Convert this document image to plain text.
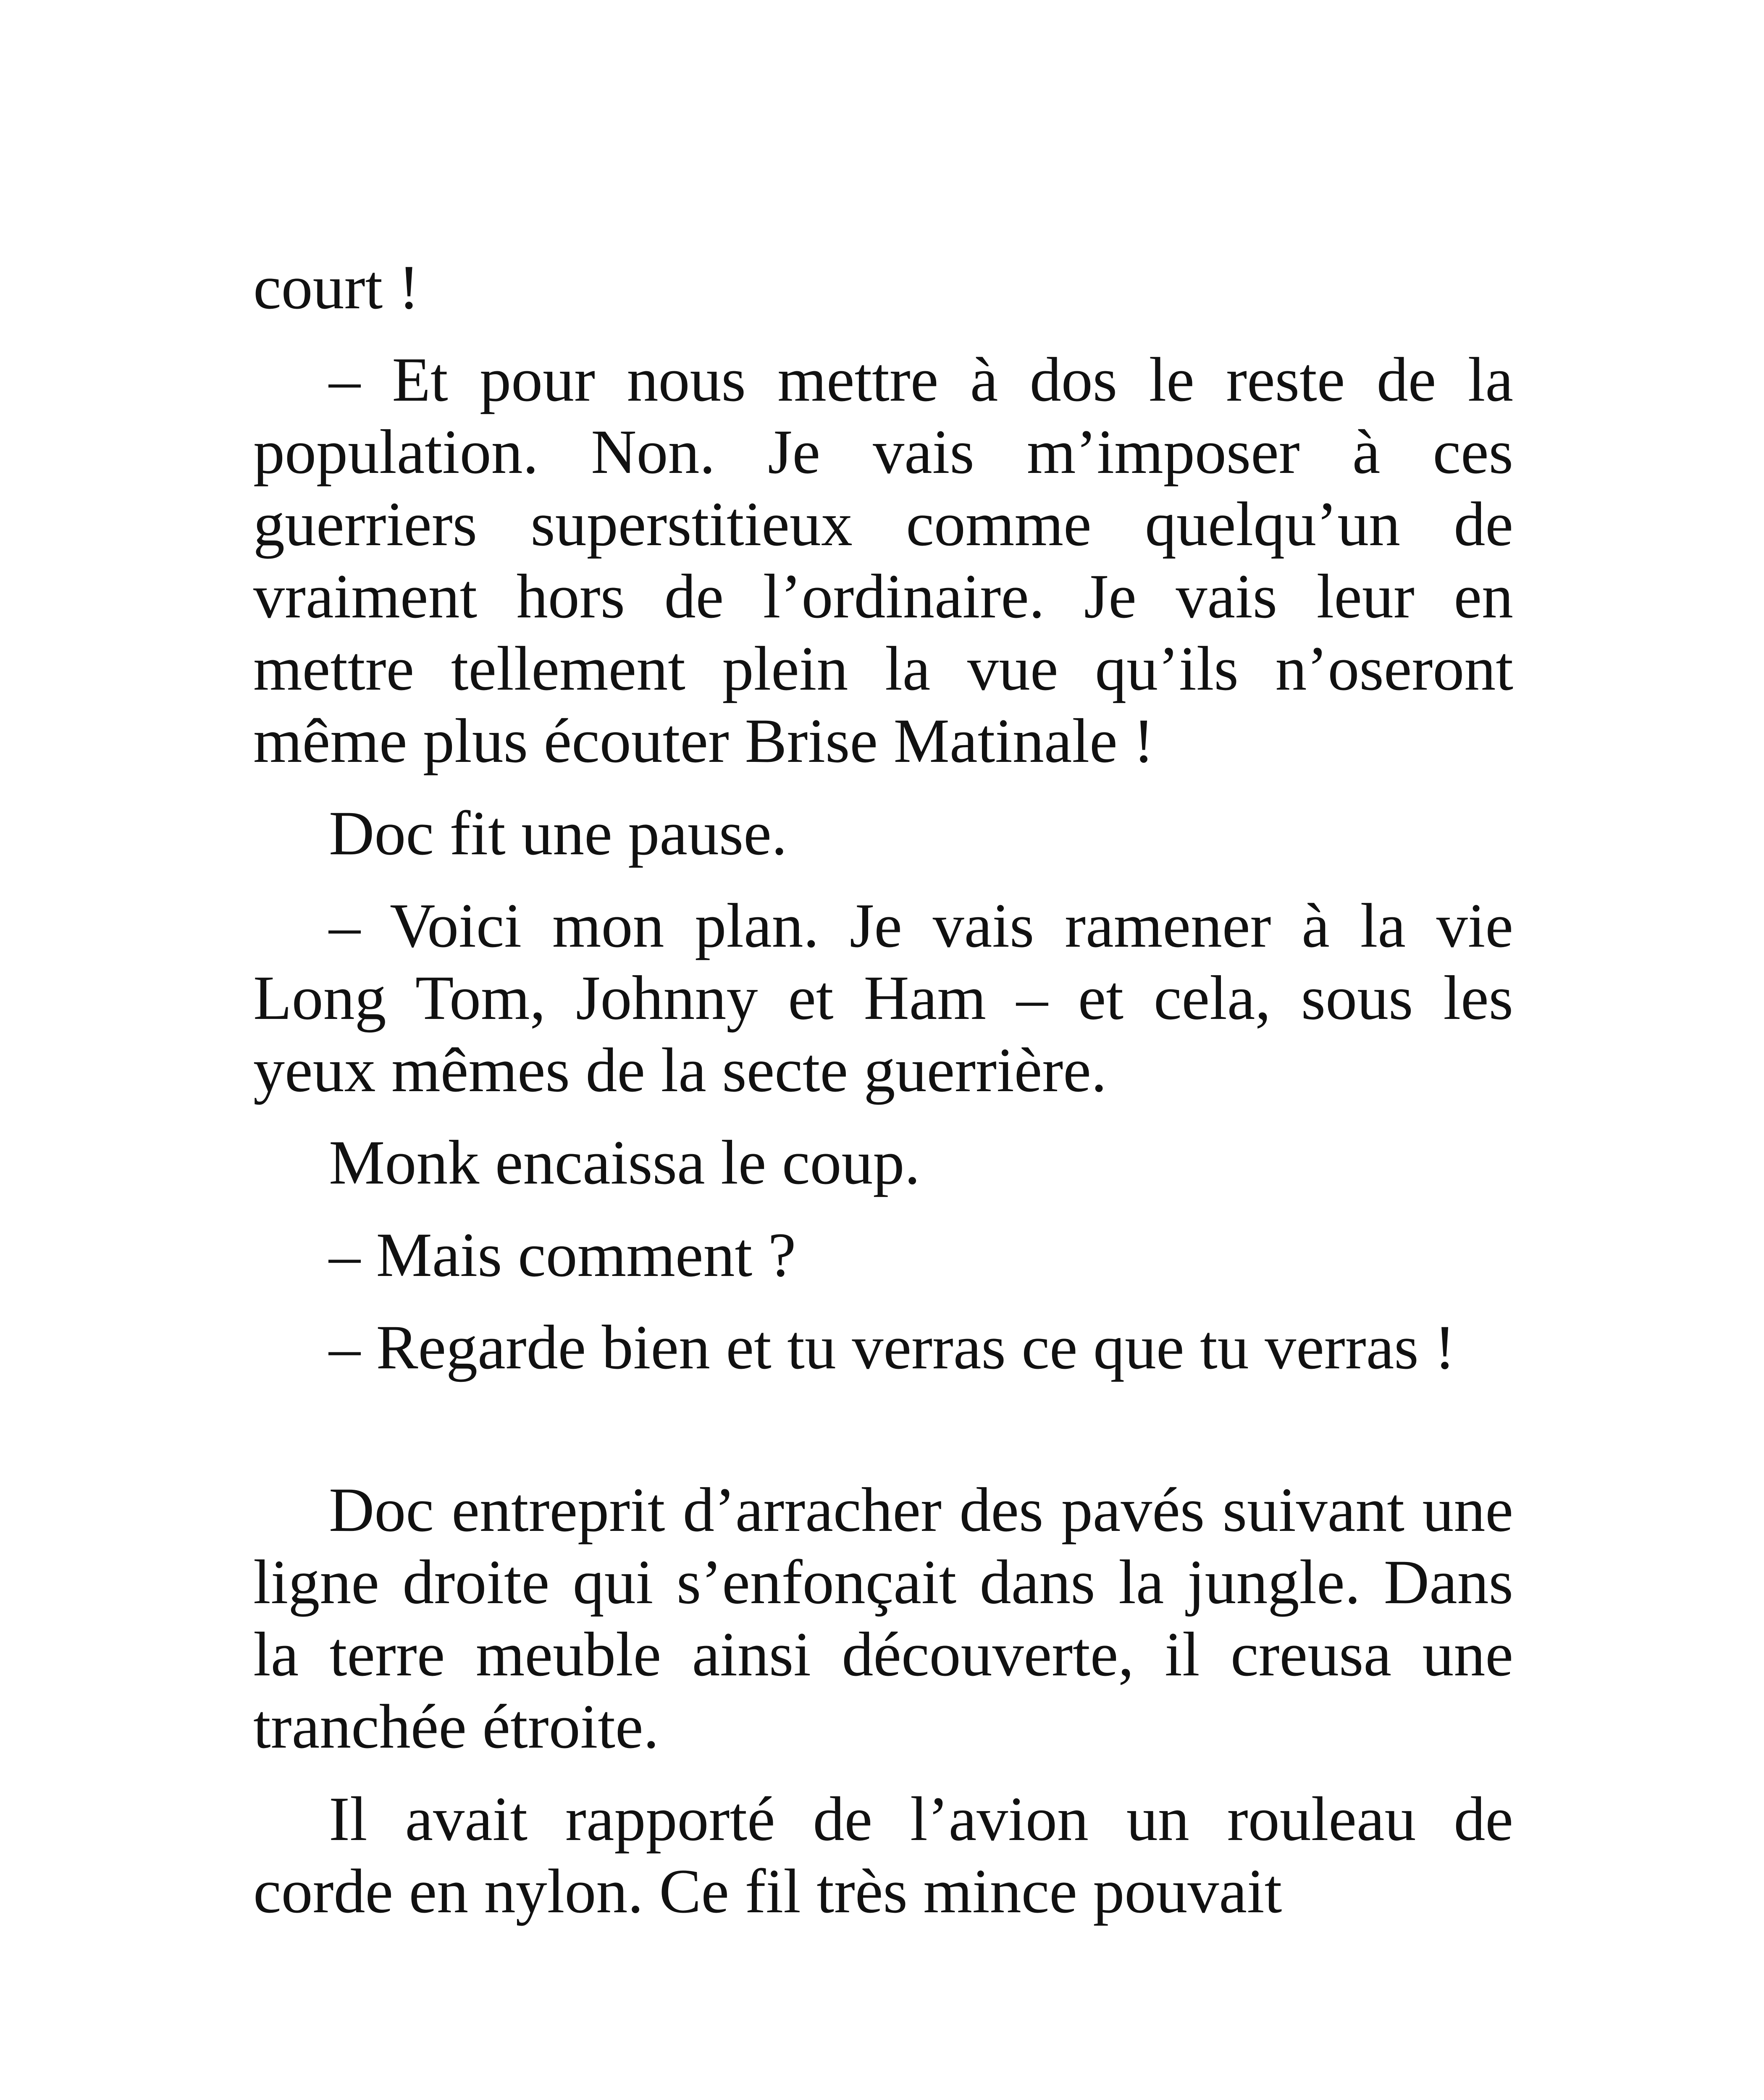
court !

– Et pour nous mettre à dos le reste de la population. Non. Je vais m’imposer à ces guerriers superstitieux comme quelqu’un de vraiment hors de l’ordinaire. Je vais leur en mettre tellement plein la vue qu’ils n’oseront même plus écouter Brise Matinale !

Doc fit une pause.

– Voici mon plan. Je vais ramener à la vie Long Tom, Johnny et Ham – et cela, sous les yeux mêmes de la secte guerrière.

Monk encaissa le coup.

– Mais comment ?

– Regarde bien et tu verras ce que tu verras !

Doc entreprit d’arracher des pavés suivant une ligne droite qui s’enfonçait dans la jungle. Dans la terre meuble ainsi découverte, il creusa une tranchée étroite.

Il avait rapporté de l’avion un rouleau de corde en nylon. Ce fil très mince pouvait
